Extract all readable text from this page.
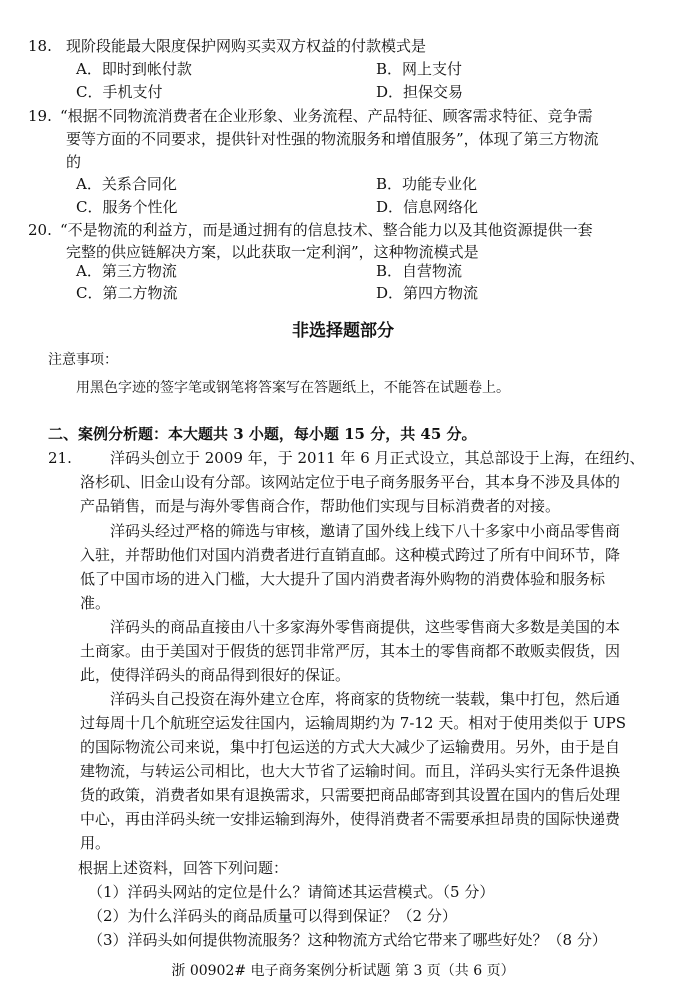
18. 现阶段能最大限度保护网购买卖双方权益的付款模式是
A．即时到帐付款	B．网上支付
C．手机支付	D．担保交易
19. “根据不同物流消费者在企业形象、业务流程、产品特征、顾客需求特征、竞争需
要等方面的不同要求，提供针对性强的物流服务和增值服务”，体现了第三方物流
的
A．关系合同化	B．功能专业化
C．服务个性化	D．信息网络化
20. “不是物流的利益方，而是通过拥有的信息技术、整合能力以及其他资源提供一套
完整的供应链解决方案，以此获取一定利润”，这种物流模式是
A．第三方物流	B．自营物流
C．第二方物流	D．第四方物流
非选择题部分
注意事项：
用黑色字迹的签字笔或钢笔将答案写在答题纸上，不能答在试题卷上。
二、案例分析题：本大题共 3 小题，每小题 15 分，共 45 分。
21.	洋码头创立于 2009 年，于 2011 年 6 月正式设立，其总部设于上海，在纽约、
洛杉矶、旧金山设有分部。该网站定位于电子商务服务平台，其本身不涉及具体的
产品销售，而是与海外零售商合作，帮助他们实现与目标消费者的对接。
洋码头经过严格的筛选与审核，邀请了国外线上线下八十多家中小商品零售商
入驻，并帮助他们对国内消费者进行直销直邮。这种模式跨过了所有中间环节，降
低了中国市场的进入门槛，大大提升了国内消费者海外购物的消费体验和服务标
准。
洋码头的商品直接由八十多家海外零售商提供，这些零售商大多数是美国的本
土商家。由于美国对于假货的惩罚非常严厉，其本土的零售商都不敢贩卖假货，因
此，使得洋码头的商品得到很好的保证。
洋码头自己投资在海外建立仓库，将商家的货物统一装载，集中打包，然后通
过每周十几个航班空运发往国内，运输周期约为 7-12 天。相对于使用类似于 UPS
的国际物流公司来说，集中打包运送的方式大大减少了运输费用。另外，由于是自
建物流，与转运公司相比，也大大节省了运输时间。而且，洋码头实行无条件退换
货的政策，消费者如果有退换需求，只需要把商品邮寄到其设置在国内的售后处理
中心，再由洋码头统一安排运输到海外，使得消费者不需要承担昂贵的国际快递费
用。
根据上述资料，回答下列问题：
（1）洋码头网站的定位是什么？请简述其运营模式。（5 分）
（2）为什么洋码头的商品质量可以得到保证？（2 分）
（3）洋码头如何提供物流服务？这种物流方式给它带来了哪些好处？（8 分）
浙 00902# 电子商务案例分析试题 第 3 页（共 6 页）
